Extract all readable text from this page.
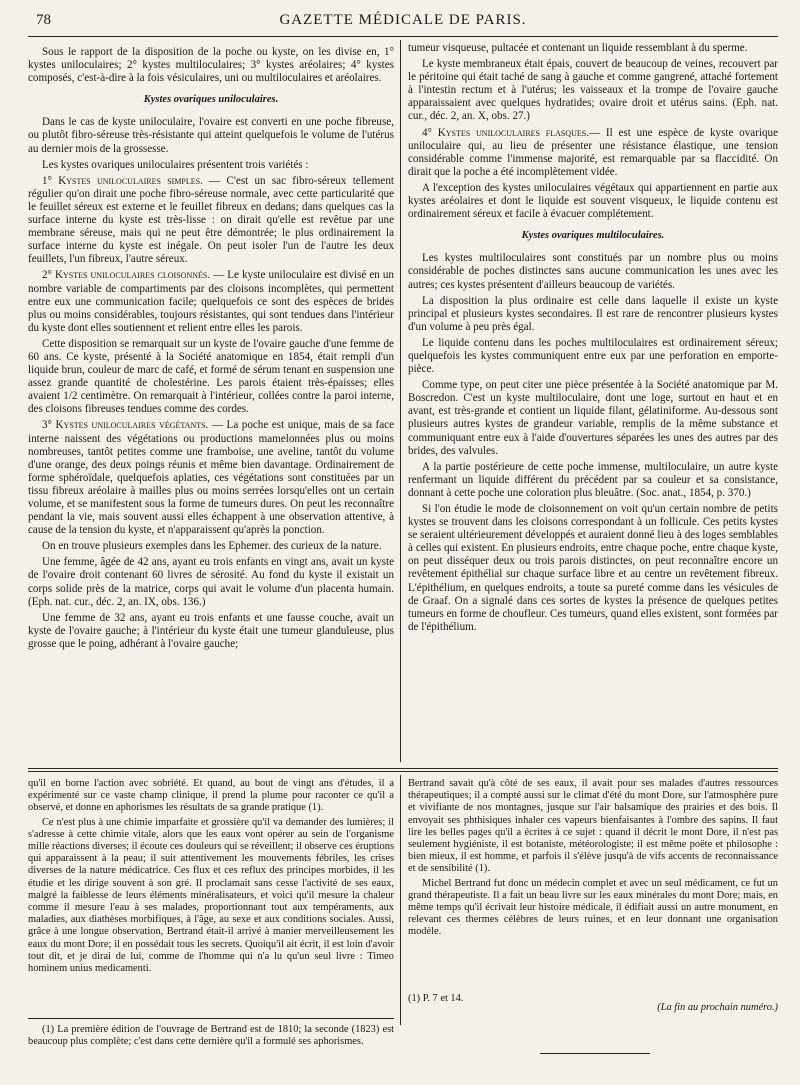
78	GAZETTE MÉDICALE DE PARIS.

Sous le rapport de la disposition de la poche ou kyste, on les divise en, 1° kystes uniloculaires; 2° kystes multiloculaires; 3° kystes aréolaires; 4° kystes composés, c'est-à-dire à la fois vésiculaires, uni ou multiloculaires et aréolaires.

Kystes ovariques uniloculaires.

Dans le cas de kyste uniloculaire, l'ovaire est converti en une poche fibreuse, ou plutôt fibro-séreuse très-résistante qui atteint quelquefois le volume de l'utérus au dernier mois de la grossesse.

Les kystes ovariques uniloculaires présentent trois variétés :

1° Kystes uniloculaires simples. — C'est un sac fibro-séreux tellement régulier qu'on dirait une poche fibro-séreuse normale, avec cette particularité que le feuillet séreux est externe et le feuillet fibreux en dedans; dans quelques cas la surface interne du kyste est très-lisse : on dirait qu'elle est revêtue par une membrane séreuse, mais qui ne peut être démontrée; le plus ordinairement la surface interne du kyste est inégale. On peut isoler l'un de l'autre les deux feuillets, l'un fibreux, l'autre séreux.

2° Kystes uniloculaires cloisonnés. — Le kyste uniloculaire est divisé en un nombre variable de compartiments par des cloisons incomplètes, qui permettent entre eux une communication facile; quelquefois ce sont des espèces de brides plus ou moins considérables, toujours résistantes, qui sont tendues dans l'intérieur du kyste dont elles soutiennent et relient entre elles les parois.

Cette disposition se remarquait sur un kyste de l'ovaire gauche d'une femme de 60 ans. Ce kyste, présenté à la Société anatomique en 1854, était rempli d'un liquide brun, couleur de marc de café, et formé de sérum tenant en suspension une assez grande quantité de cholestérine. Les parois étaient très-épaisses; elles avaient 1/2 centimètre. On remarquait à l'intérieur, collées contre la paroi interne, des cloisons fibreuses tendues comme des cordes.

3° Kystes uniloculaires végétants. — La poche est unique, mais de sa face interne naissent des végétations ou productions mamelonnées plus ou moins nombreuses, tantôt petites comme une framboise, une aveline, tantôt du volume d'une orange, des deux poings réunis et même bien davantage. Ordinairement de forme sphéroïdale, quelquefois aplaties, ces végétations sont constituées par un tissu fibreux aréolaire à mailles plus ou moins serrées lorsqu'elles ont un certain volume, et se manifestent sous la forme de tumeurs dures. On peut les reconnaître pendant la vie, mais souvent aussi elles échappent à une observation attentive, à cause de la tension du kyste, et n'apparaissent qu'après la ponction.

On en trouve plusieurs exemples dans les Ephemer. des curieux de la nature.

Une femme, âgée de 42 ans, ayant eu trois enfants en vingt ans, avait un kyste de l'ovaire droit contenant 60 livres de sérosité. Au fond du kyste il existait un corps solide près de la matrice, corps qui avait le volume d'un placenta humain. (Eph. nat. cur., déc. 2, an. IX, obs. 136.)

Une femme de 32 ans, ayant eu trois enfants et une fausse couche, avait un kyste de l'ovaire gauche; à l'intérieur du kyste était une tumeur glanduleuse, plus grosse que le poing, adhérant à l'ovaire gauche;

tumeur visqueuse, pultacée et contenant un liquide ressemblant à du sperme.

Le kyste membraneux était épais, couvert de beaucoup de veines, recouvert par le péritoine qui était taché de sang à gauche et comme gangrené, attaché fortement à l'intestin rectum et à l'utérus; les vaisseaux et la trompe de l'ovaire gauche apparaissaient avec quelques hydratides; ovaire droit et utérus sains. (Eph. nat. cur., déc. 2, an. X, obs. 27.)

4° Kystes uniloculaires flasques.— Il est une espèce de kyste ovarique uniloculaire qui, au lieu de présenter une résistance élastique, une tension considérable comme l'immense majorité, est remarquable par sa flaccidité. On dirait que la poche a été incomplètement vidée.

A l'exception des kystes uniloculaires végétaux qui appartiennent en partie aux kystes aréolaires et dont le liquide est souvent visqueux, le liquide contenu est ordinairement séreux et facile à évacuer complétement.

Kystes ovariques multiloculaires.

Les kystes multiloculaires sont constitués par un nombre plus ou moins considérable de poches distinctes sans aucune communication les unes avec les autres; ces kystes présentent d'ailleurs beaucoup de variétés.

La disposition la plus ordinaire est celle dans laquelle il existe un kyste principal et plusieurs kystes secondaires. Il est rare de rencontrer plusieurs kystes d'un volume à peu près égal.

Le liquide contenu dans les poches multiloculaires est ordinairement séreux; quelquefois les kystes communiquent entre eux par une perforation en emporte-pièce.

Comme type, on peut citer une pièce présentée à la Société anatomique par M. Boscredon. C'est un kyste multiloculaire, dont une loge, surtout en haut et en avant, est très-grande et contient un liquide filant, gélatiniforme. Au-dessous sont plusieurs autres kystes de grandeur variable, remplis de la même substance et communiquant entre eux à l'aide d'ouvertures séparées les unes des autres par des brides, des valvules.

A la partie postérieure de cette poche immense, multiloculaire, un autre kyste renfermant un liquide différent du précédent par sa couleur et sa consistance, donnant à cette poche une coloration plus bleuâtre. (Soc. anat., 1854, p. 370.)

Si l'on étudie le mode de cloisonnement on voit qu'un certain nombre de petits kystes se trouvent dans les cloisons correspondant à un follicule. Ces petits kystes se seraient ultérieurement développés et auraient donné lieu à des loges semblables à celles qui existent. En plusieurs endroits, entre chaque poche, entre chaque kyste, on peut disséquer deux ou trois parois distinctes, on peut reconnaître encore un revêtement épithélial sur chaque surface libre et au centre un revêtement fibreux. L'épithélium, en quelques endroits, a toute sa pureté comme dans les vésicules de de Graaf. On a signalé dans ces sortes de kystes la présence de quelques petites tumeurs en forme de choufleur. Ces tumeurs, quand elles existent, sont formées par de l'épithélium.

qu'il en borne l'action avec sobriété. Et quand, au bout de vingt ans d'études, il a expérimenté sur ce vaste champ clinique, il prend la plume pour raconter ce qu'il a observé, et donne en aphorismes les résultats de sa grande pratique (1).

Ce n'est plus à une chimie imparfaite et grossière qu'il va demander des lumières; il s'adresse à cette chimie vitale, alors que les eaux vont opérer au sein de l'organisme mille réactions diverses; il écoute ces douleurs qui se réveillent; il observe ces éruptions qui apparaissent à la peau; il suit attentivement les mouvements fébriles, les crises diverses de la nature médicatrice. Ces flux et ces reflux des principes morbides, il les étudie et les dirige souvent à son gré. Il proclamait sans cesse l'activité de ses eaux, malgré la faiblesse de leurs éléments minéralisateurs, et voici qu'il mesure la chaleur comme il mesure l'eau à ses malades, proportionnant tout aux tempéraments, aux maladies, aux diathèses morbifiques, à l'âge, au sexe et aux conditions sociales. Aussi, grâce à une longue observation, Bertrand était-il arrivé à manier merveilleusement les eaux du mont Dore; il en possédait tous les secrets. Quoiqu'il ait écrit, il est loin d'avoir tout dit, et je dirai de lui, comme de l'homme qui n'a lu qu'un seul livre : Timeo hominem unius medicamenti.

Bertrand savait qu'à côté de ses eaux, il avait pour ses malades d'autres ressources thérapeutiques; il a compté aussi sur le climat d'été du mont Dore, sur l'atmosphère pure et vivifiante de nos montagnes, jusque sur l'air balsamique des prairies et des bois. Il envoyait ses phthisiques inhaler ces vapeurs bienfaisantes à l'ombre des sapins. Il faut lire les belles pages qu'il a écrites à ce sujet : quand il décrit le mont Dore, il n'est pas seulement hygiéniste, il est botaniste, météorologiste; il est même poëte et philosophe : bien mieux, il est homme, et parfois il s'élève jusqu'à de vifs accents de reconnaissance et de sensibilité (1).

Michel Bertrand fut donc un médecin complet et avec un seul médicament, ce fut un grand thérapeutiste. Il a fait un beau livre sur les eaux minérales du mont Dore; mais, en même temps qu'il écrivait leur histoire médicale, il édifiait aussi un autre monument, en relevant ces thermes célèbres de leurs ruines, et en leur donnant une organisation modèle.

(1) P. 7 et 14.
(La fin au prochain numéro.)

(1) La première édition de l'ouvrage de Bertrand est de 1810; la seconde (1823) est beaucoup plus complète; c'est dans cette dernière qu'il a formulé ses aphorismes.
